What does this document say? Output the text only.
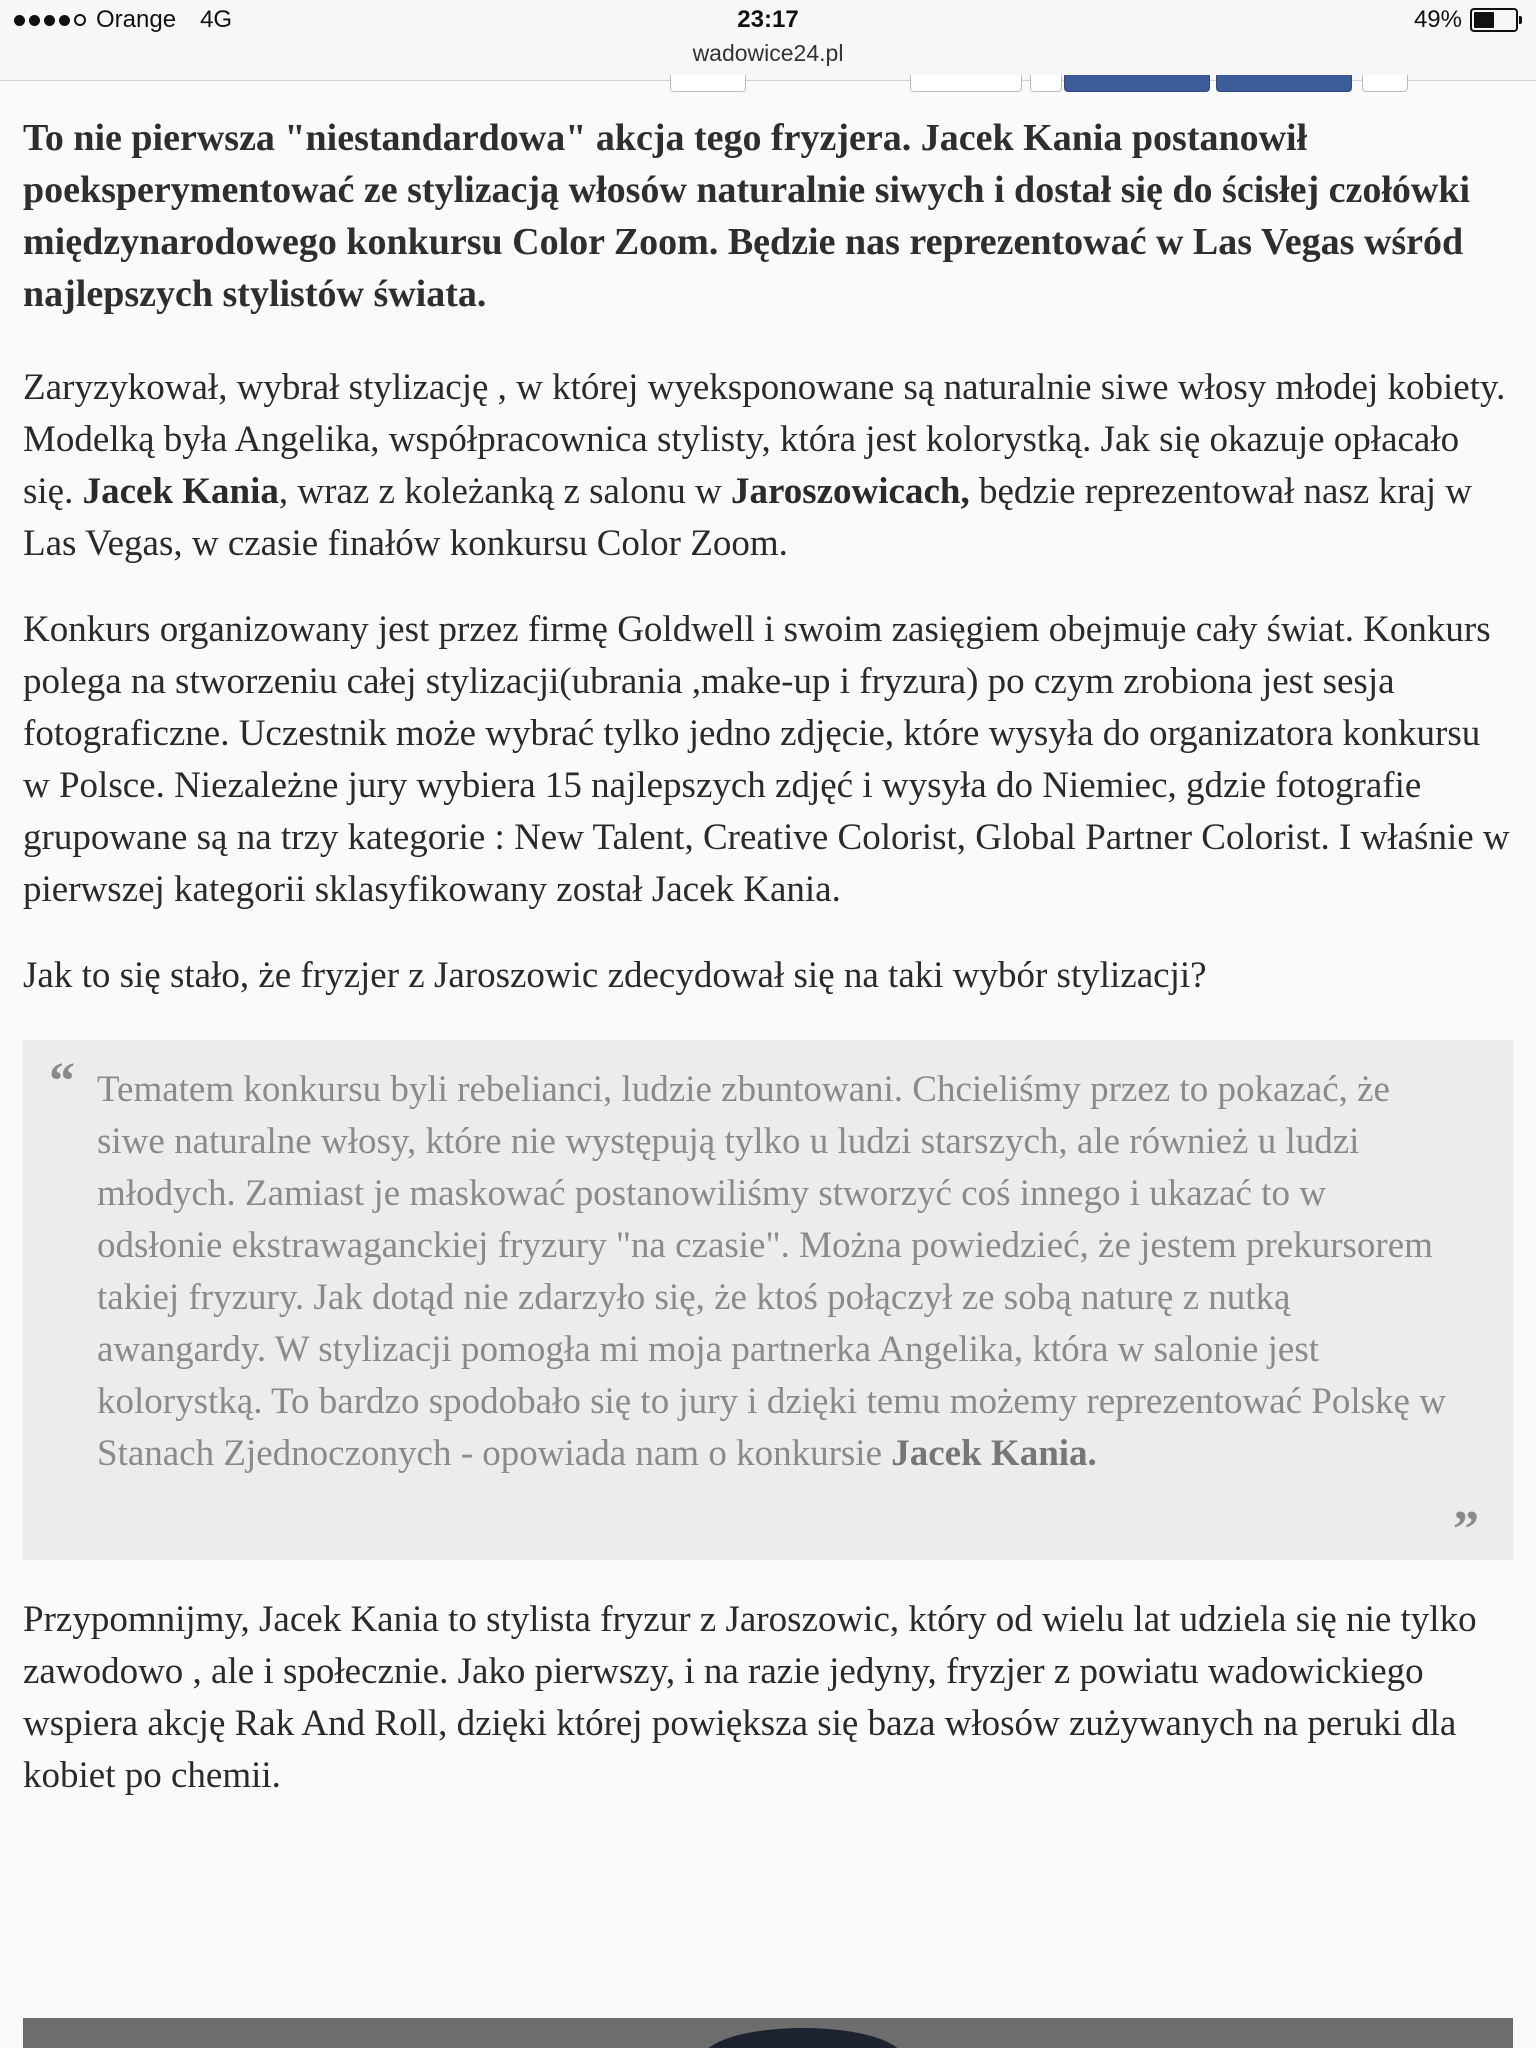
Orange 4G	23:17	49%
wadowice24.pl

To nie pierwsza "niestandardowa" akcja tego fryzjera. Jacek Kania postanowił poeksperymentować ze stylizacją włosów naturalnie siwych i dostał się do ścisłej czołówki międzynarodowego konkursu Color Zoom. Będzie nas reprezentować w Las Vegas wśród najlepszych stylistów świata.

Zaryzykował, wybrał stylizację , w której wyeksponowane są naturalnie siwe włosy młodej kobiety. Modelką była Angelika, współpracownica stylisty, która jest kolorystką. Jak się okazuje opłacało się. Jacek Kania, wraz z koleżanką z salonu w Jaroszowicach, będzie reprezentował nasz kraj w Las Vegas, w czasie finałów konkursu Color Zoom.

Konkurs organizowany jest przez firmę Goldwell i swoim zasięgiem obejmuje cały świat. Konkurs polega na stworzeniu całej stylizacji(ubrania ,make-up i fryzura) po czym zrobiona jest sesja fotograficzne. Uczestnik może wybrać tylko jedno zdjęcie, które wysyła do organizatora konkursu w Polsce. Niezależne jury wybiera 15 najlepszych zdjęć i wysyła do Niemiec, gdzie fotografie grupowane są na trzy kategorie : New Talent, Creative Colorist, Global Partner Colorist. I właśnie w pierwszej kategorii sklasyfikowany został Jacek Kania.

Jak to się stało, że fryzjer z Jaroszowic zdecydował się na taki wybór stylizacji?

“ Tematem konkursu byli rebelianci, ludzie zbuntowani. Chcieliśmy przez to pokazać, że siwe naturalne włosy, które nie występują tylko u ludzi starszych, ale również u ludzi młodych. Zamiast je maskować postanowiliśmy stworzyć coś innego i ukazać to w odsłonie ekstrawaganckiej fryzury "na czasie". Można powiedzieć, że jestem prekursorem takiej fryzury. Jak dotąd nie zdarzyło się, że ktoś połączył ze sobą naturę z nutką awangardy. W stylizacji pomogła mi moja partnerka Angelika, która w salonie jest kolorystką. To bardzo spodobało się to jury i dzięki temu możemy reprezentować Polskę w Stanach Zjednoczonych - opowiada nam o konkursie Jacek Kania.
”

Przypomnijmy, Jacek Kania to stylista fryzur z Jaroszowic, który od wielu lat udziela się nie tylko zawodowo , ale i społecznie. Jako pierwszy, i na razie jedyny, fryzjer z powiatu wadowickiego wspiera akcję Rak And Roll, dzięki której powiększa się baza włosów zużywanych na peruki dla kobiet po chemii.
